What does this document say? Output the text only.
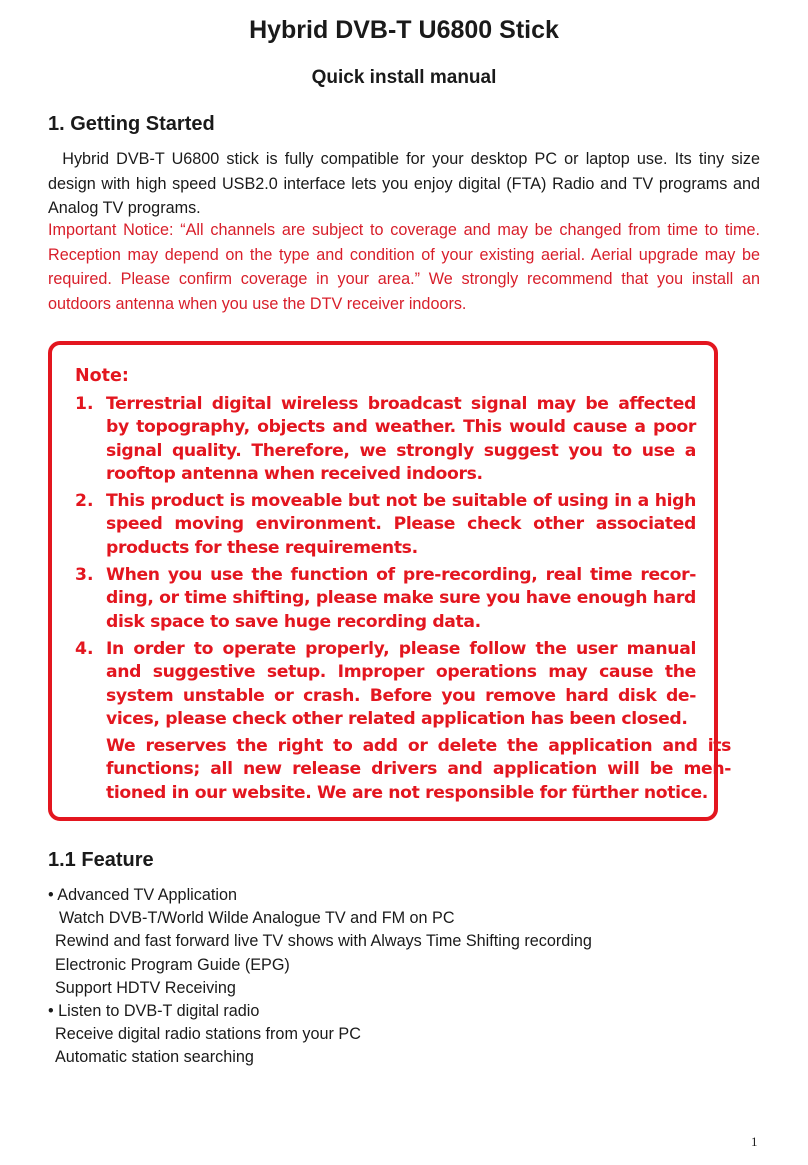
Hybrid DVB-T U6800 Stick
Quick install manual
1. Getting Started

Hybrid DVB-T U6800 stick is fully compatible for your desktop PC or laptop use. Its tiny size design with high speed USB2.0 interface lets you enjoy digital (FTA) Radio and TV programs and Analog TV programs.

Important Notice: “All channels are subject to coverage and may be changed from time to time. Reception may depend on the type and condition of your existing aerial. Aerial upgrade may be required. Please confirm coverage in your area.” We strongly recommend that you install an outdoors antenna when you use the DTV receiver indoors.

Note:
1. Terrestrial digital wireless broadcast signal may be affected by topography, objects and weather. This would cause a poor signal quality. Therefore, we strongly suggest you to use a rooftop antenna when received indoors.
2. This product is moveable but not be suitable of using in a high speed moving environment. Please check other associated products for these requirements.
3. When you use the function of pre-recording, real time recor-ding, or time shifting, please make sure you have enough hard disk space to save huge recording data.
4. In order to operate properly, please follow the user manual and suggestive setup. Improper operations may cause the system unstable or crash. Before you remove hard disk de-vices, please check other related application has been closed.
We reserves the right to add or delete the application and its functions; all new release drivers and application will be men-tioned in our website. We are not responsible for fürther notice.
1.1 Feature
• Advanced TV Application
Watch DVB-T/World Wilde Analogue TV and FM on PC
Rewind and fast forward live TV shows with Always Time Shifting recording
Electronic Program Guide (EPG)
Support HDTV Receiving
• Listen to DVB-T digital radio
Receive digital radio stations from your PC
Automatic station searching
1
